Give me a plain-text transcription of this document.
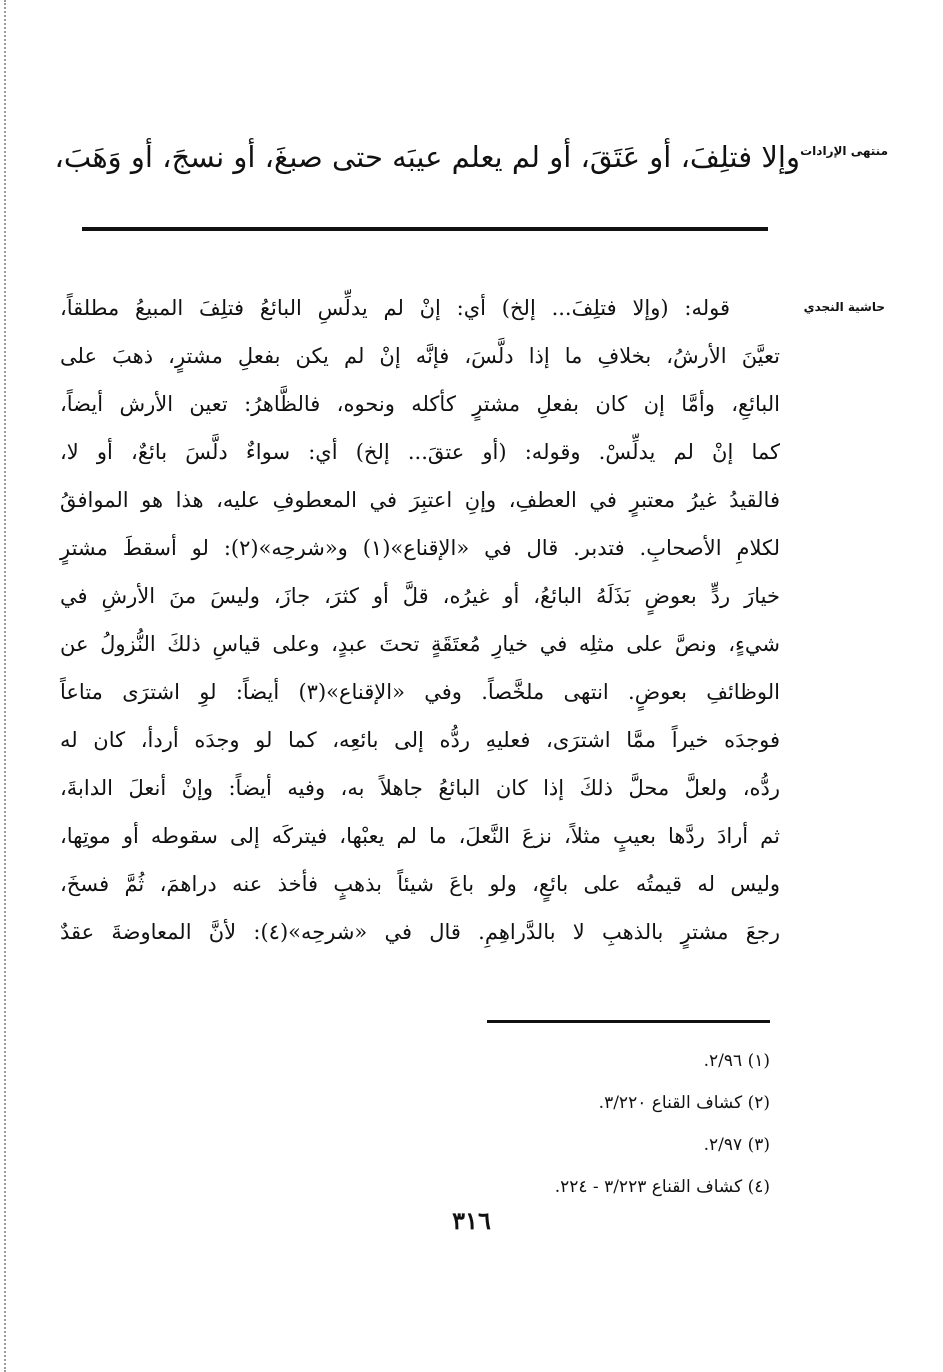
منتهى الإرادات
حاشية النجدي
وإلا فتلِفَ، أو عَتَقَ، أو لم يعلم عيبَه حتى صبغَ، أو نسجَ، أو وَهَبَ،
قوله: (وإلا فتلِفَ... إلخ) أي: إنْ لم يدلِّسِ البائعُ فتلِفَ المبيعُ مطلقاً،
تعيَّنَ الأرشُ، بخلافِ ما إذا دلَّسَ، فإنَّه إنْ لم يكن بفعلِ مشترٍ، ذهبَ على
البائعِ، وأمَّا إن كان بفعلِ مشترٍ كأكله ونحوه، فالظَّاهرُ: تعين الأرش أيضاً،
كما إنْ لم يدلِّسْ. وقوله: (أو عتقَ... إلخ) أي: سواءٌ دلَّسَ بائعٌ، أو لا،
فالقيدُ غيرُ معتبرٍ في العطفِ، وإنِ اعتبِرَ في المعطوفِ عليه، هذا هو الموافقُ
لكلامِ الأصحابِ. فتدبر. قال في «الإقناع»(١) و«شرحِه»(٢): لو أسقطَ مشترٍ
خيارَ ردٍّ بعوضٍ بَذَلَهُ البائعُ، أو غيرُه، قلَّ أو كثرَ، جازَ، وليسَ منَ الأرشِ في
شيءٍ، ونصَّ على مثلِه في خيارِ مُعتَقَةٍ تحتَ عبدٍ، وعلى قياسِ ذلكَ النُّزولُ عن
الوظائفِ بعوضٍ. انتهى ملخَّصاً. وفي «الإقناع»(٣) أيضاً: لوِ اشترَى متاعاً
فوجدَه خيراً ممَّا اشترَى، فعليهِ ردُّه إلى بائعِه، كما لو وجدَه أردأ، كان له
ردُّه، ولعلَّ محلَّ ذلكَ إذا كان البائعُ جاهلاً به، وفيه أيضاً: وإنْ أنعلَ الدابةَ،
ثم أرادَ ردَّها بعيبٍ مثلاً، نزعَ النَّعلَ، ما لم يعبْها، فيتركَه إلى سقوطه أو موتِها،
وليس له قيمتُه على بائعٍ، ولو باعَ شيئاً بذهبٍ فأخذ عنه دراهمَ، ثُمَّ فسخَ،
رجعَ مشترٍ بالذهبِ لا بالدَّراهِمِ. قال في «شرحِه»(٤): لأنَّ المعاوضةَ عقدٌ
(١) ٢/٩٦.
(٢) كشاف القناع ٣/٢٢٠.
(٣) ٢/٩٧.
(٤) كشاف القناع ٣/٢٢٣ - ٢٢٤.
٣١٦
